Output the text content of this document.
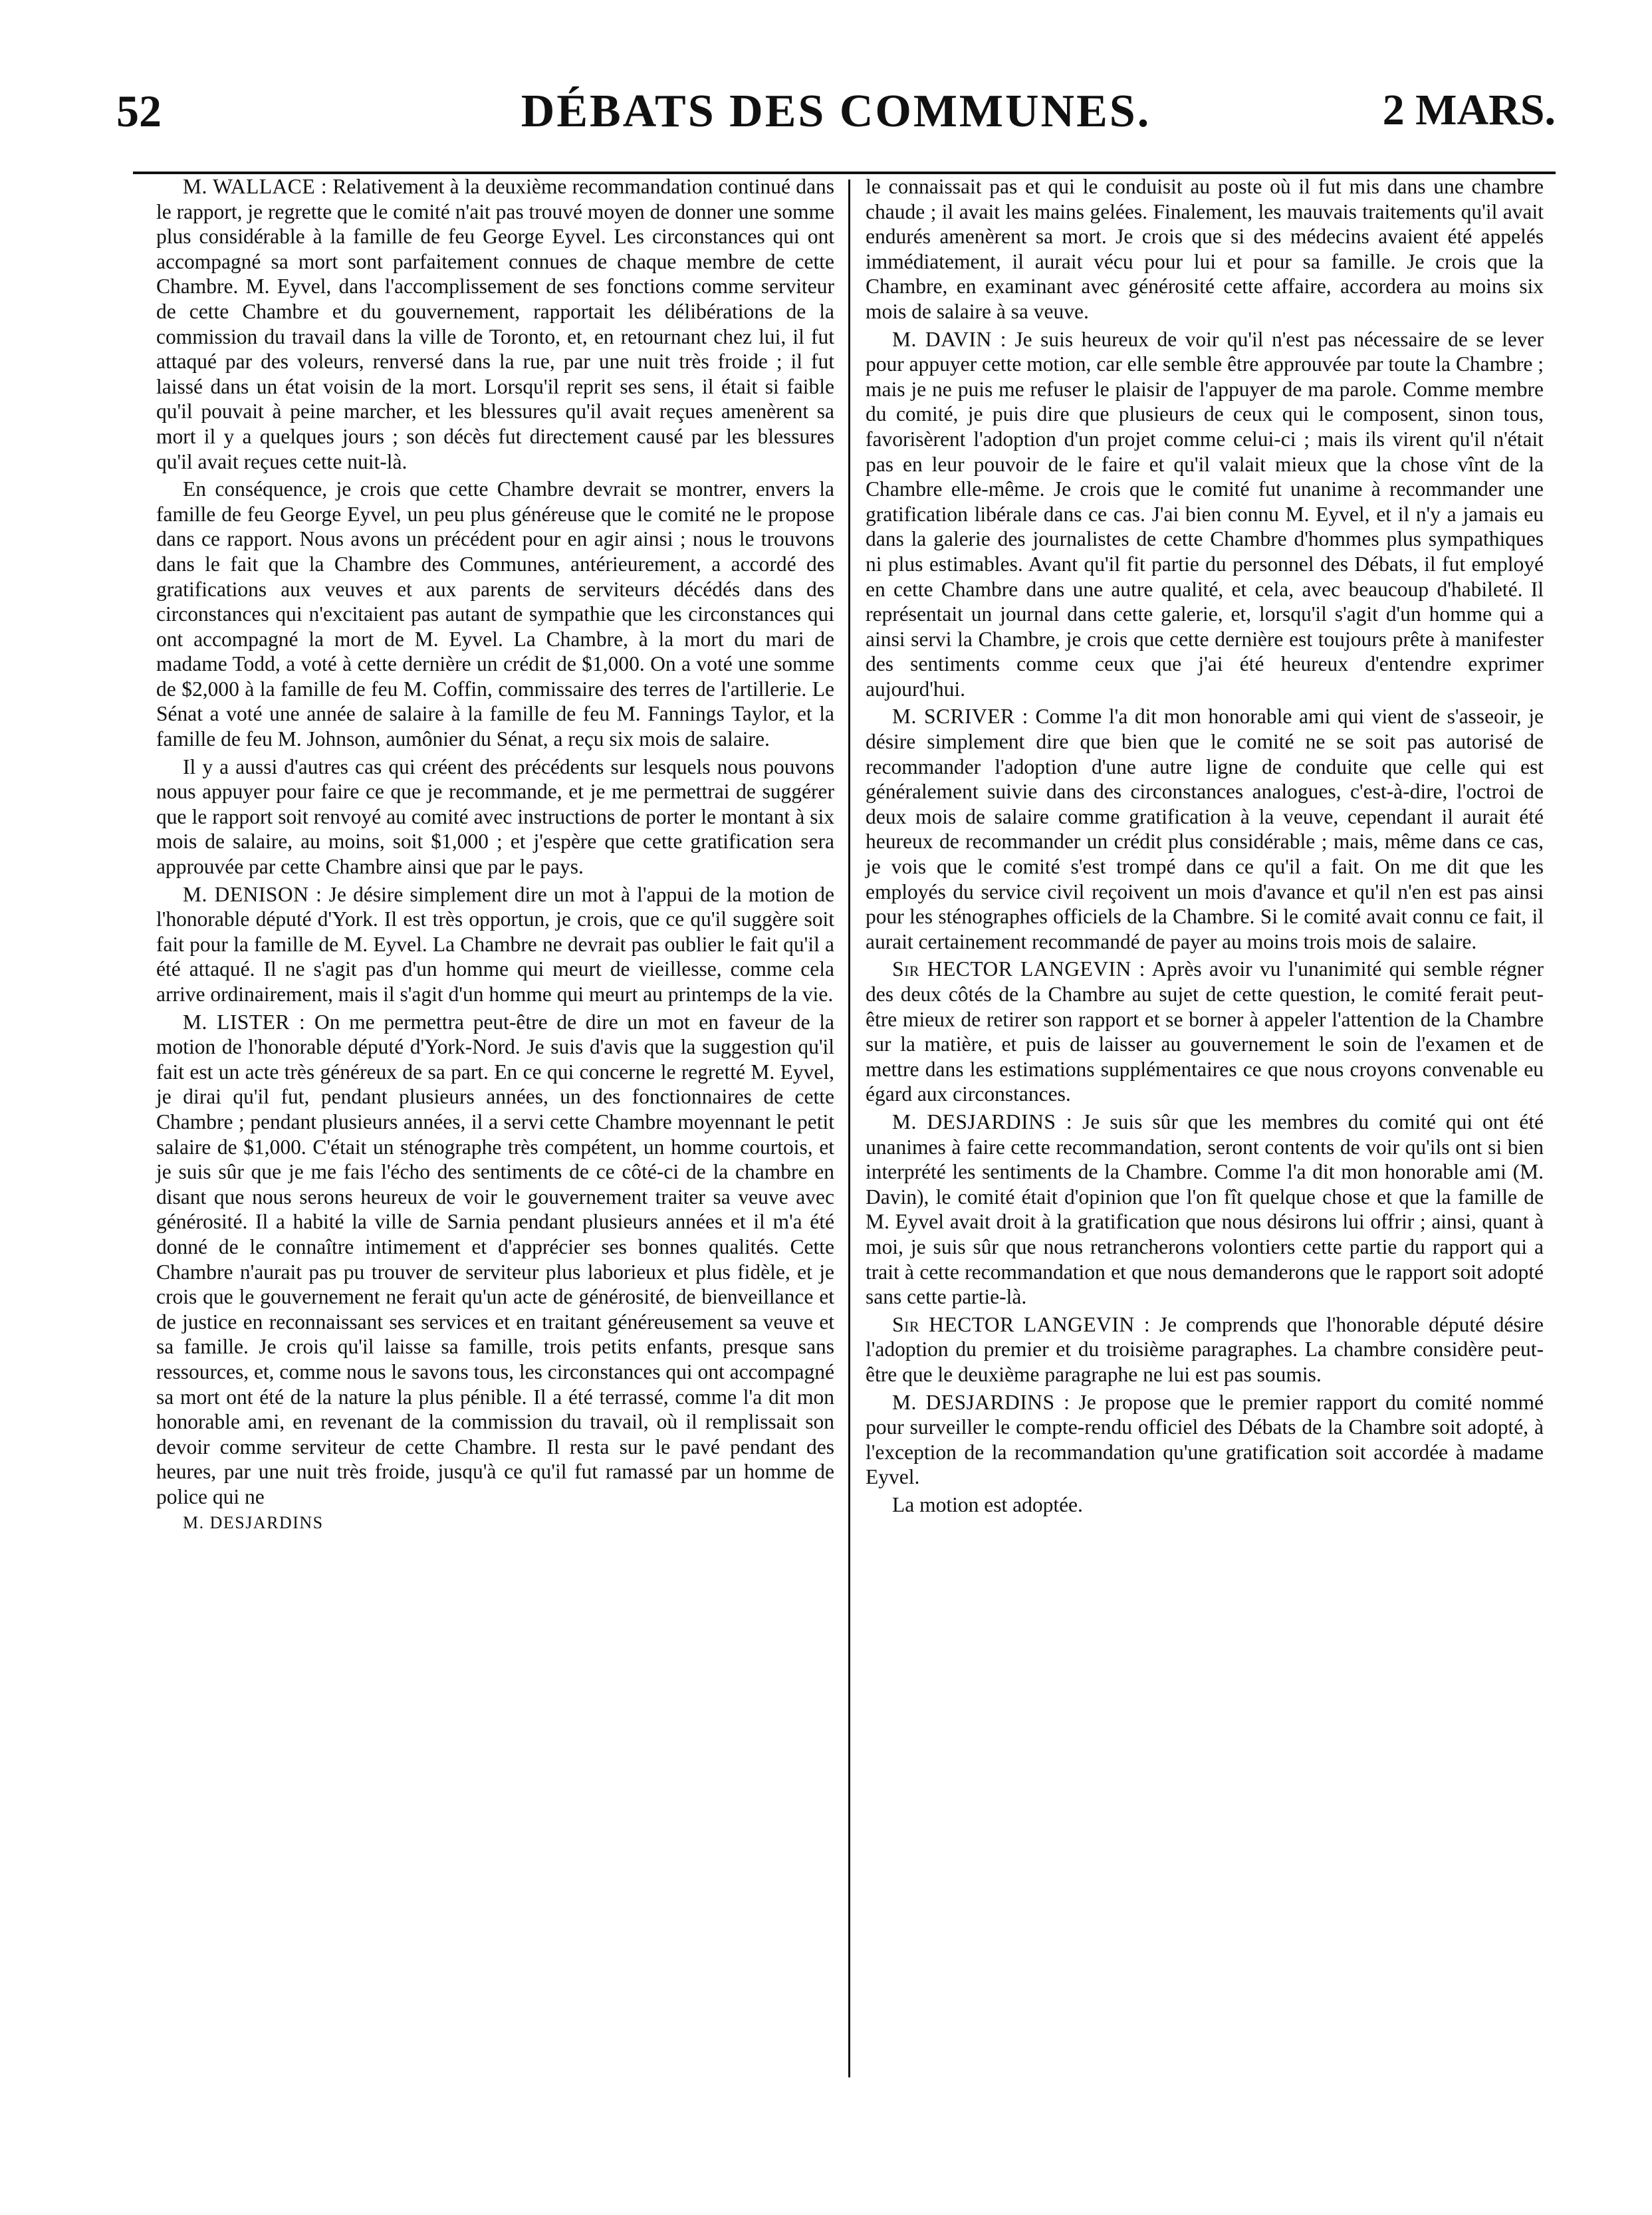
52	DÉBATS DES COMMUNES.	2 MARS.

M. WALLACE : Relativement à la deuxième recommandation continué dans le rapport, je regrette que le comité n'ait pas trouvé moyen de donner une somme plus considérable à la famille de feu George Eyvel. Les circonstances qui ont accompagné sa mort sont parfaitement connues de chaque membre de cette Chambre. M. Eyvel, dans l'accomplissement de ses fonctions comme serviteur de cette Chambre et du gouvernement, rapportait les délibérations de la commission du travail dans la ville de Toronto, et, en retournant chez lui, il fut attaqué par des voleurs, renversé dans la rue, par une nuit très froide ; il fut laissé dans un état voisin de la mort. Lorsqu'il reprit ses sens, il était si faible qu'il pouvait à peine marcher, et les blessures qu'il avait reçues amenèrent sa mort il y a quelques jours ; son décès fut directement causé par les blessures qu'il avait reçues cette nuit-là.

En conséquence, je crois que cette Chambre devrait se montrer, envers la famille de feu George Eyvel, un peu plus généreuse que le comité ne le propose dans ce rapport. Nous avons un précédent pour en agir ainsi ; nous le trouvons dans le fait que la Chambre des Communes, antérieurement, a accordé des gratifications aux veuves et aux parents de serviteurs décédés dans des circonstances qui n'excitaient pas autant de sympathie que les circonstances qui ont accompagné la mort de M. Eyvel. La Chambre, à la mort du mari de madame Todd, a voté à cette dernière un crédit de $1,000. On a voté une somme de $2,000 à la famille de feu M. Coffin, commissaire des terres de l'artillerie. Le Sénat a voté une année de salaire à la famille de feu M. Fannings Taylor, et la famille de feu M. Johnson, aumônier du Sénat, a reçu six mois de salaire.

Il y a aussi d'autres cas qui créent des précédents sur lesquels nous pouvons nous appuyer pour faire ce que je recommande, et je me permettrai de suggérer que le rapport soit renvoyé au comité avec instructions de porter le montant à six mois de salaire, au moins, soit $1,000 ; et j'espère que cette gratification sera approuvée par cette Chambre ainsi que par le pays.

M. DENISON : Je désire simplement dire un mot à l'appui de la motion de l'honorable député d'York. Il est très opportun, je crois, que ce qu'il suggère soit fait pour la famille de M. Eyvel. La Chambre ne devrait pas oublier le fait qu'il a été attaqué. Il ne s'agit pas d'un homme qui meurt de vieillesse, comme cela arrive ordinairement, mais il s'agit d'un homme qui meurt au printemps de la vie.

M. LISTER : On me permettra peut-être de dire un mot en faveur de la motion de l'honorable député d'York-Nord. Je suis d'avis que la suggestion qu'il fait est un acte très généreux de sa part. En ce qui concerne le regretté M. Eyvel, je dirai qu'il fut, pendant plusieurs années, un des fonctionnaires de cette Chambre ; pendant plusieurs années, il a servi cette Chambre moyennant le petit salaire de $1,000. C'était un sténographe très compétent, un homme courtois, et je suis sûr que je me fais l'écho des sentiments de ce côté-ci de la chambre en disant que nous serons heureux de voir le gouvernement traiter sa veuve avec générosité. Il a habité la ville de Sarnia pendant plusieurs années et il m'a été donné de le connaître intimement et d'apprécier ses bonnes qualités. Cette Chambre n'aurait pas pu trouver de serviteur plus laborieux et plus fidèle, et je crois que le gouvernement ne ferait qu'un acte de générosité, de bienveillance et de justice en reconnaissant ses services et en traitant généreusement sa veuve et sa famille. Je crois qu'il laisse sa famille, trois petits enfants, presque sans ressources, et, comme nous le savons tous, les circonstances qui ont accompagné sa mort ont été de la nature la plus pénible. Il a été terrassé, comme l'a dit mon honorable ami, en revenant de la commission du travail, où il remplissait son devoir comme serviteur de cette Chambre. Il resta sur le pavé pendant des heures, par une nuit très froide, jusqu'à ce qu'il fut ramassé par un homme de police qui ne

M. DESJARDINS

le connaissait pas et qui le conduisit au poste où il fut mis dans une chambre chaude ; il avait les mains gelées. Finalement, les mauvais traitements qu'il avait endurés amenèrent sa mort. Je crois que si des médecins avaient été appelés immédiatement, il aurait vécu pour lui et pour sa famille. Je crois que la Chambre, en examinant avec générosité cette affaire, accordera au moins six mois de salaire à sa veuve.

M. DAVIN : Je suis heureux de voir qu'il n'est pas nécessaire de se lever pour appuyer cette motion, car elle semble être approuvée par toute la Chambre ; mais je ne puis me refuser le plaisir de l'appuyer de ma parole. Comme membre du comité, je puis dire que plusieurs de ceux qui le composent, sinon tous, favorisèrent l'adoption d'un projet comme celui-ci ; mais ils virent qu'il n'était pas en leur pouvoir de le faire et qu'il valait mieux que la chose vînt de la Chambre elle-même. Je crois que le comité fut unanime à recommander une gratification libérale dans ce cas. J'ai bien connu M. Eyvel, et il n'y a jamais eu dans la galerie des journalistes de cette Chambre d'hommes plus sympathiques ni plus estimables. Avant qu'il fit partie du personnel des Débats, il fut employé en cette Chambre dans une autre qualité, et cela, avec beaucoup d'habileté. Il représentait un journal dans cette galerie, et, lorsqu'il s'agit d'un homme qui a ainsi servi la Chambre, je crois que cette dernière est toujours prête à manifester des sentiments comme ceux que j'ai été heureux d'entendre exprimer aujourd'hui.

M. SCRIVER : Comme l'a dit mon honorable ami qui vient de s'asseoir, je désire simplement dire que bien que le comité ne se soit pas autorisé de recommander l'adoption d'une autre ligne de conduite que celle qui est généralement suivie dans des circonstances analogues, c'est-à-dire, l'octroi de deux mois de salaire comme gratification à la veuve, cependant il aurait été heureux de recommander un crédit plus considérable ; mais, même dans ce cas, je vois que le comité s'est trompé dans ce qu'il a fait. On me dit que les employés du service civil reçoivent un mois d'avance et qu'il n'en est pas ainsi pour les sténographes officiels de la Chambre. Si le comité avait connu ce fait, il aurait certainement recommandé de payer au moins trois mois de salaire.

Sir HECTOR LANGEVIN : Après avoir vu l'unanimité qui semble régner des deux côtés de la Chambre au sujet de cette question, le comité ferait peut-être mieux de retirer son rapport et se borner à appeler l'attention de la Chambre sur la matière, et puis de laisser au gouvernement le soin de l'examen et de mettre dans les estimations supplémentaires ce que nous croyons convenable eu égard aux circonstances.

M. DESJARDINS : Je suis sûr que les membres du comité qui ont été unanimes à faire cette recommandation, seront contents de voir qu'ils ont si bien interprété les sentiments de la Chambre. Comme l'a dit mon honorable ami (M. Davin), le comité était d'opinion que l'on fît quelque chose et que la famille de M. Eyvel avait droit à la gratification que nous désirons lui offrir ; ainsi, quant à moi, je suis sûr que nous retrancherons volontiers cette partie du rapport qui a trait à cette recommandation et que nous demanderons que le rapport soit adopté sans cette partie-là.

Sir HECTOR LANGEVIN : Je comprends que l'honorable député désire l'adoption du premier et du troisième paragraphes. La chambre considère peut-être que le deuxième paragraphe ne lui est pas soumis.

M. DESJARDINS : Je propose que le premier rapport du comité nommé pour surveiller le compte-rendu officiel des Débats de la Chambre soit adopté, à l'exception de la recommandation qu'une gratification soit accordée à madame Eyvel.

La motion est adoptée.
